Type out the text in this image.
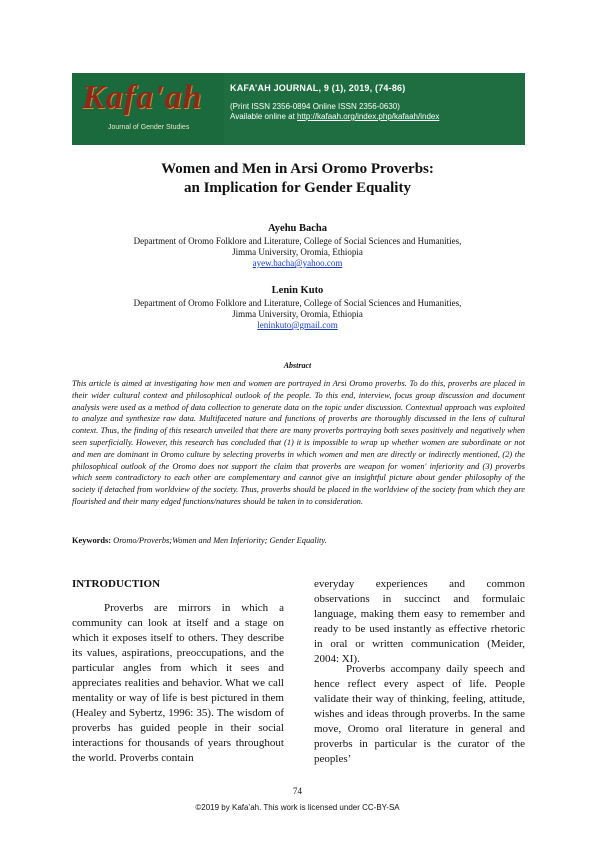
Kafa'ah
Journal of Gender Studies
KAFA’AH JOURNAL, 9 (1), 2019, (74-86)
(Print ISSN 2356-0894 Online ISSN 2356-0630)
Available online at http://kafaah.org/index.php/kafaah/index
Women and Men in Arsi Oromo Proverbs:
an Implication for Gender Equality
Ayehu Bacha
Department of Oromo Folklore and Literature, College of Social Sciences and Humanities,
Jimma University, Oromia, Ethiopia
ayew.bacha@yahoo.com
Lenin Kuto
Department of Oromo Folklore and Literature, College of Social Sciences and Humanities,
Jimma University, Oromia, Ethiopia
leninkuto@gmail.com
Abstract

This article is aimed at investigating how men and women are portrayed in Arsi Oromo proverbs. To do this, proverbs are placed in their wider cultural context and philosophical outlook of the people. To this end, interview, focus group discussion and document analysis were used as a method of data collection to generate data on the topic under discussion. Contextual approach was exploited to analyze and synthesize raw data. Multifaceted nature and functions of proverbs are thoroughly discussed in the lens of cultural context. Thus, the finding of this research unveiled that there are many proverbs portraying both sexes positively and negatively when seen superficially. However, this research has concluded that (1) it is impossible to wrap up whether women are subordinate or not and men are dominant in Oromo culture by selecting proverbs in which women and men are directly or indirectly mentioned, (2) the philosophical outlook of the Oromo does not support the claim that proverbs are weapon for women' inferiority and (3) proverbs which seem contradictory to each other are complementary and cannot give an insightful picture about gender philosophy of the society if detached from worldview of the society. Thus, proverbs should be placed in the worldview of the society from which they are flourished and their many edged functions/natures should be taken in to consideration.

Keywords: Oromo/Proverbs;Women and Men Inferiority; Gender Equality.
INTRODUCTION

Proverbs are mirrors in which a community can look at itself and a stage on which it exposes itself to others. They describe its values, aspirations, preoccupations, and the particular angles from which it sees and appreciates realities and behavior. What we call mentality or way of life is best pictured in them (Healey and Sybertz, 1996: 35). The wisdom of proverbs has guided people in their social interactions for thousands of years throughout the world. Proverbs contain

everyday experiences and common observations in succinct and formulaic language, making them easy to remember and ready to be used instantly as effective rhetoric in oral or written communication (Meider, 2004: XI).

Proverbs accompany daily speech and hence reflect every aspect of life. People validate their way of thinking, feeling, attitude, wishes and ideas through proverbs. In the same move, Oromo oral literature in general and proverbs in particular is the curator of the peoples’

74
©2019 by Kafa’ah. This work is licensed under CC-BY-SA
